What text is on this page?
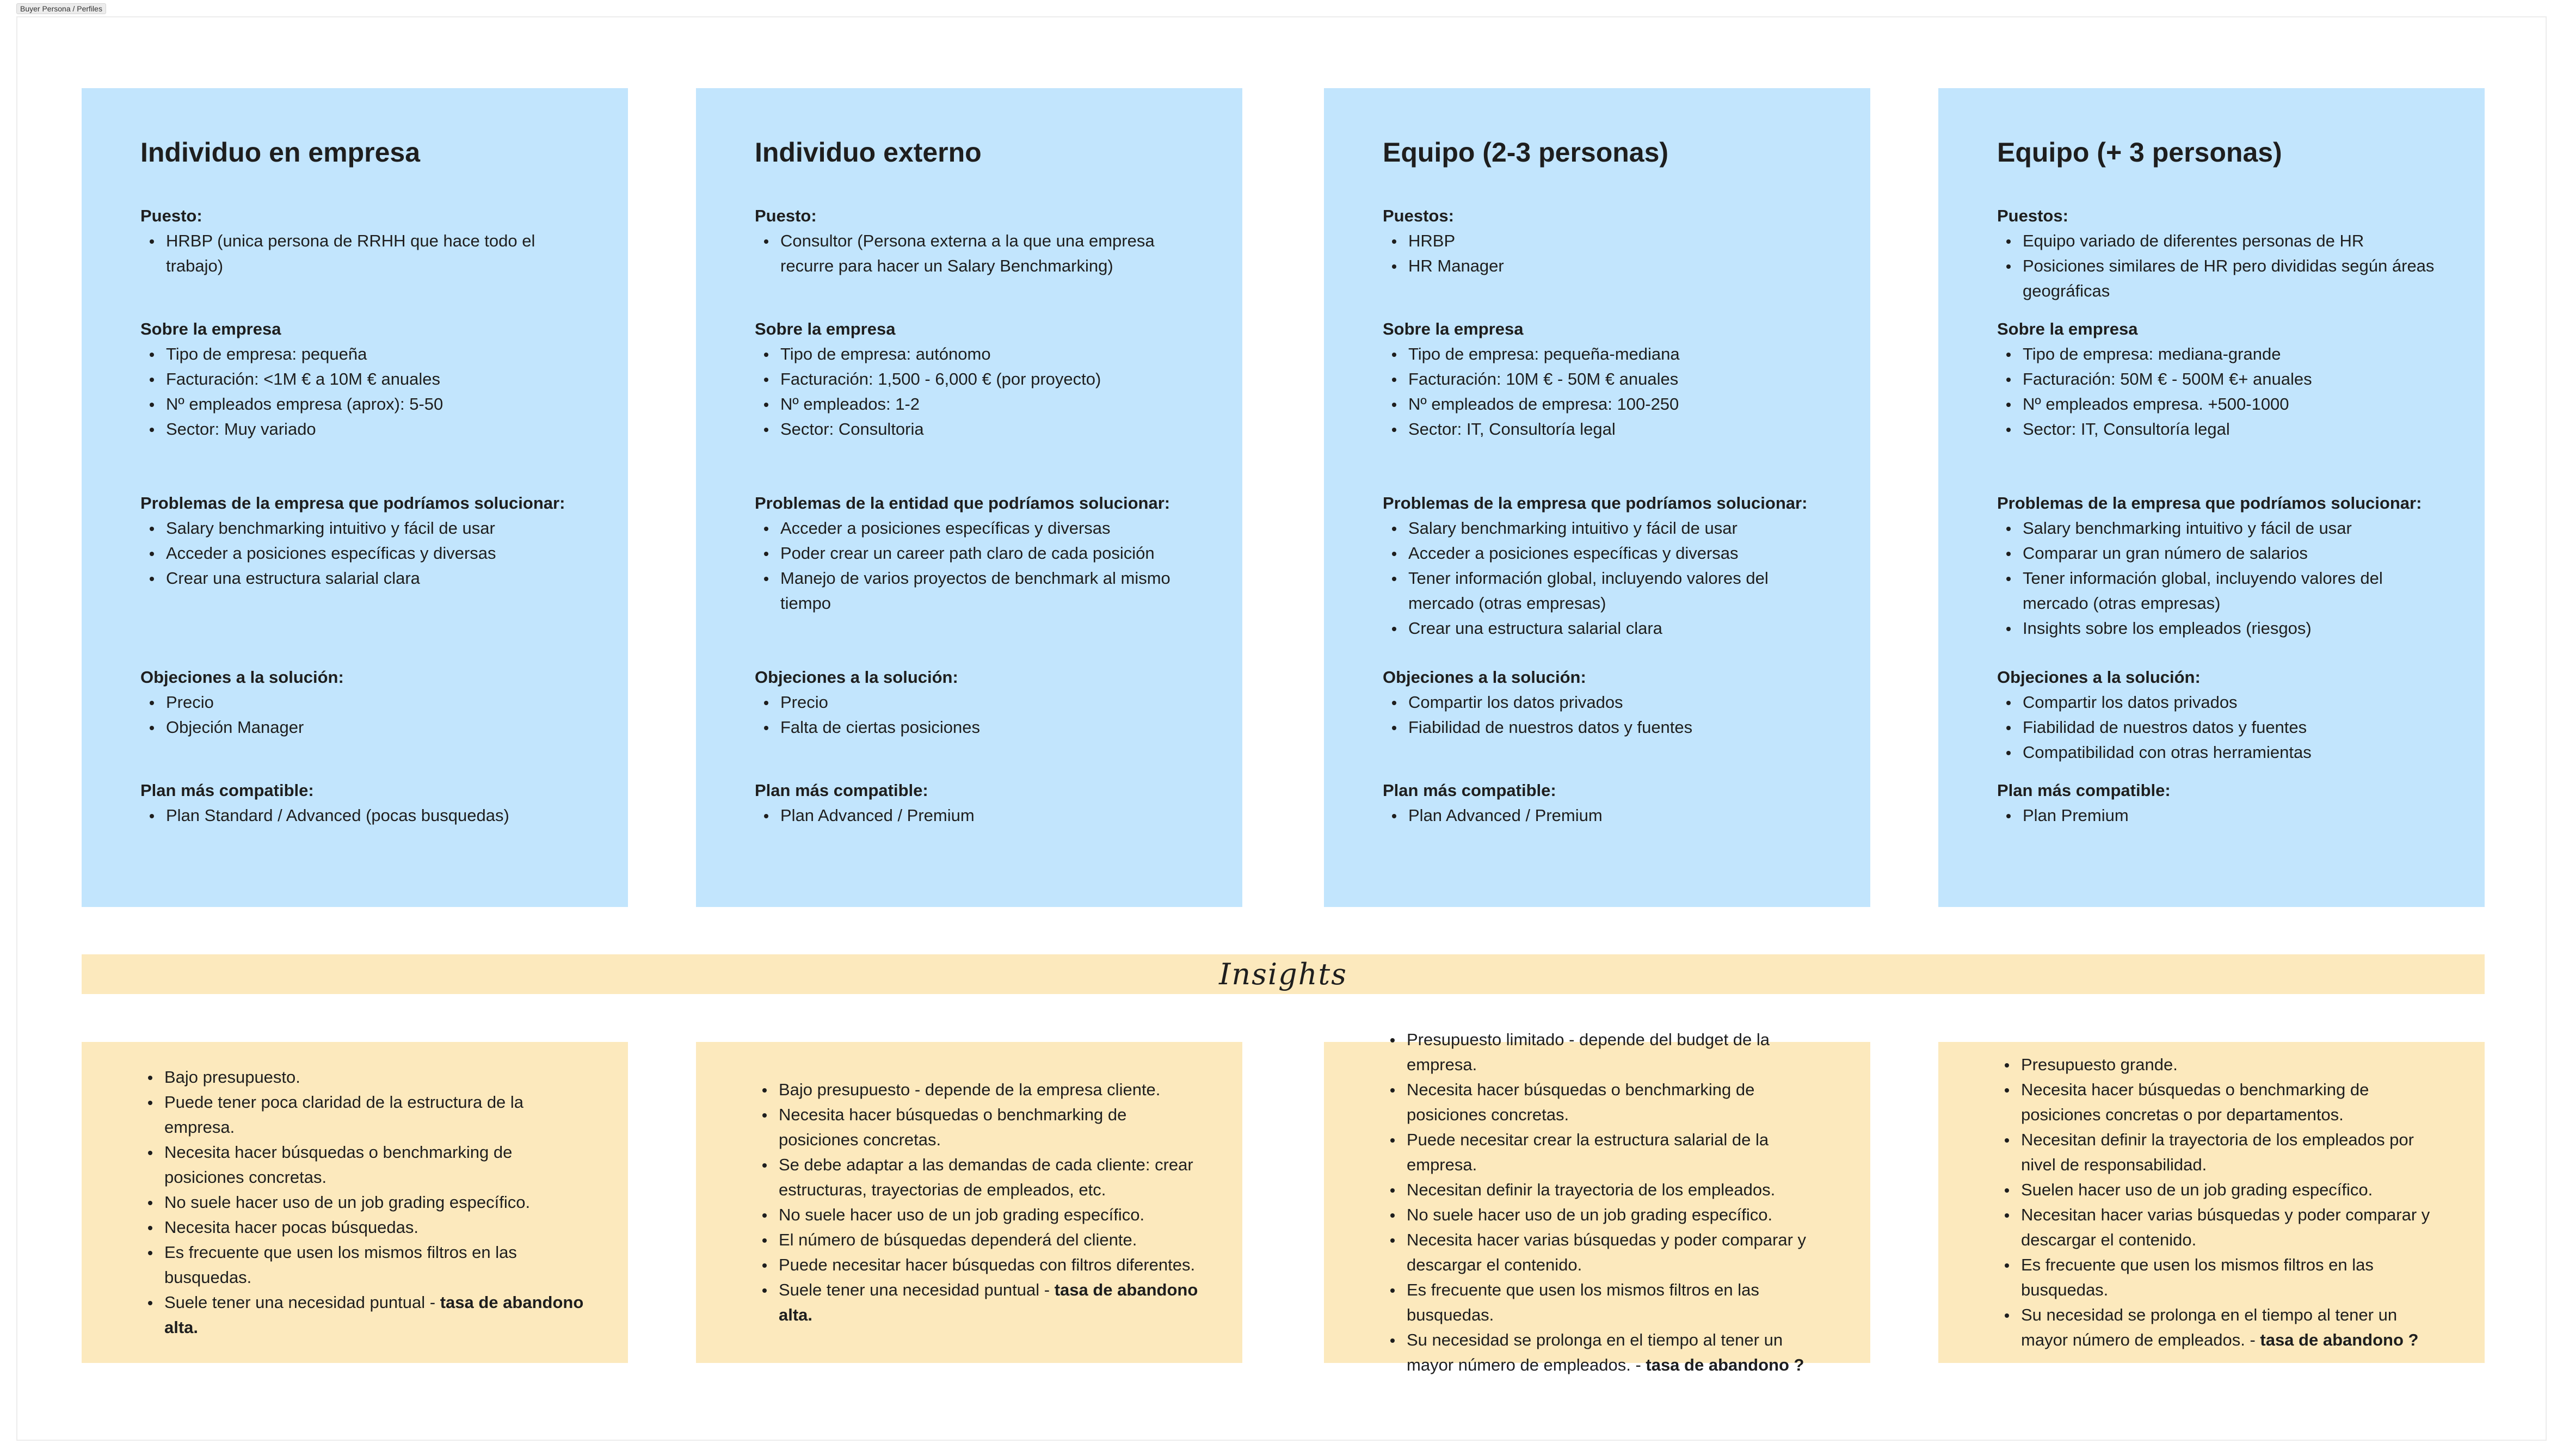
Buyer Persona / Perfiles
Individuo en empresa

Puesto:

HRBP (unica persona de RRHH que hace todo el trabajo)

Sobre la empresa

Tipo de empresa: pequeña
Facturación: <1M € a 10M € anuales
Nº empleados empresa (aprox): 5-50
Sector: Muy variado

Problemas de la empresa que podríamos solucionar:

Salary benchmarking intuitivo y fácil de usar
Acceder a posiciones específicas y diversas
Crear una estructura salarial clara

Objeciones a la solución:

Precio
Objeción Manager

Plan más compatible:

Plan Standard / Advanced (pocas busquedas)
Individuo externo

Puesto:

Consultor (Persona externa a la que una empresa recurre para hacer un Salary Benchmarking)

Sobre la empresa

Tipo de empresa: autónomo
Facturación: 1,500 - 6,000 € (por proyecto)
Nº empleados: 1-2
Sector: Consultoria

Problemas de la entidad que podríamos solucionar:

Acceder a posiciones específicas y diversas
Poder crear un career path claro de cada posición
Manejo de varios proyectos de benchmark al mismo tiempo

Objeciones a la solución:

Precio
Falta de ciertas posiciones

Plan más compatible:

Plan Advanced / Premium
Equipo (2-3 personas)

Puestos:

HRBP
HR Manager

Sobre la empresa

Tipo de empresa: pequeña-mediana
Facturación: 10M € - 50M € anuales
Nº empleados de empresa: 100-250
Sector: IT, Consultoría legal

Problemas de la empresa que podríamos solucionar:

Salary benchmarking intuitivo y fácil de usar
Acceder a posiciones específicas y diversas
Tener información global, incluyendo valores del mercado (otras empresas)
Crear una estructura salarial clara

Objeciones a la solución:

Compartir los datos privados
Fiabilidad de nuestros datos y fuentes

Plan más compatible:

Plan Advanced / Premium
Equipo (+ 3 personas)

Puestos:

Equipo variado de diferentes personas de HR
Posiciones similares de HR pero divididas según áreas geográficas

Sobre la empresa

Tipo de empresa: mediana-grande
Facturación: 50M € - 500M €+ anuales
Nº empleados empresa. +500-1000
Sector: IT, Consultoría legal

Problemas de la empresa que podríamos solucionar:

Salary benchmarking intuitivo y fácil de usar
Comparar un gran número de salarios
Tener información global, incluyendo valores del mercado (otras empresas)
Insights sobre los empleados (riesgos)

Objeciones a la solución:

Compartir los datos privados
Fiabilidad de nuestros datos y fuentes
Compatibilidad con otras herramientas

Plan más compatible:

Plan Premium
Insights
Bajo presupuesto.
Puede tener poca claridad de la estructura de la empresa.
Necesita hacer búsquedas o benchmarking de posiciones concretas.
No suele hacer uso de un job grading específico.
Necesita hacer pocas búsquedas.
Es frecuente que usen los mismos filtros en las busquedas.
Suele tener una necesidad puntual - tasa de abandono alta.
Bajo presupuesto - depende de la empresa cliente.
Necesita hacer búsquedas o benchmarking de posiciones concretas.
Se debe adaptar a las demandas de cada cliente: crear estructuras, trayectorias de empleados, etc.
No suele hacer uso de un job grading específico.
El número de búsquedas dependerá del cliente.
Puede necesitar hacer búsquedas con filtros diferentes.
Suele tener una necesidad puntual - tasa de abandono alta.
Presupuesto limitado - depende del budget de la empresa.
Necesita hacer búsquedas o benchmarking de posiciones concretas.
Puede necesitar crear la estructura salarial de la empresa.
Necesitan definir la trayectoria de los empleados.
No suele hacer uso de un job grading específico.
Necesita hacer varias búsquedas y poder comparar y descargar el contenido.
Es frecuente que usen los mismos filtros en las busquedas.
Su necesidad se prolonga en el tiempo al tener un mayor número de empleados. - tasa de abandono ?
Presupuesto grande.
Necesita hacer búsquedas o benchmarking de posiciones concretas o por departamentos.
Necesitan definir la trayectoria de los empleados por nivel de responsabilidad.
Suelen hacer uso de un job grading específico.
Necesitan hacer varias búsquedas y poder comparar y descargar el contenido.
Es frecuente que usen los mismos filtros en las busquedas.
Su necesidad se prolonga en el tiempo al tener un mayor número de empleados. - tasa de abandono ?
